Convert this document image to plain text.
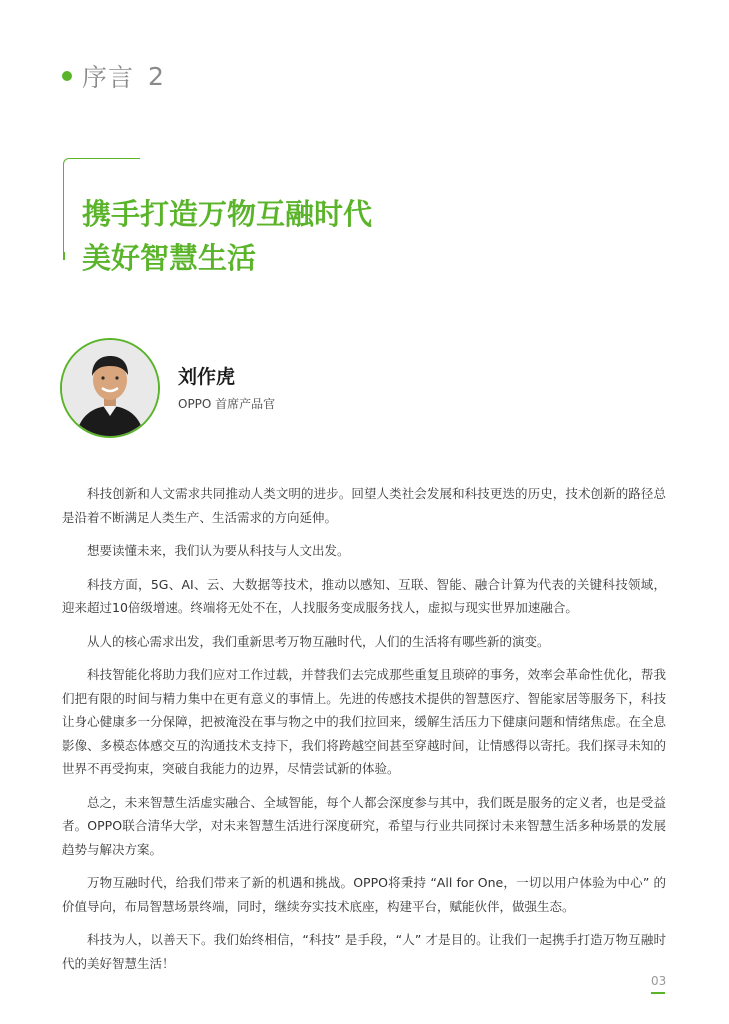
序言 2
携手打造万物互融时代
美好智慧生活
刘作虎
OPPO 首席产品官

科技创新和人文需求共同推动人类文明的进步。回望人类社会发展和科技更迭的历史，技术创新的路径总是沿着不断满足人类生产、生活需求的方向延伸。

想要读懂未来，我们认为要从科技与人文出发。

科技方面，5G、AI、云、大数据等技术，推动以感知、互联、智能、融合计算为代表的关键科技领域，迎来超过10倍级增速。终端将无处不在，人找服务变成服务找人，虚拟与现实世界加速融合。

从人的核心需求出发，我们重新思考万物互融时代，人们的生活将有哪些新的演变。

科技智能化将助力我们应对工作过载，并替我们去完成那些重复且琐碎的事务，效率会革命性优化，帮我们把有限的时间与精力集中在更有意义的事情上。先进的传感技术提供的智慧医疗、智能家居等服务下，科技让身心健康多一分保障，把被淹没在事与物之中的我们拉回来，缓解生活压力下健康问题和情绪焦虑。在全息影像、多模态体感交互的沟通技术支持下，我们将跨越空间甚至穿越时间，让情感得以寄托。我们探寻未知的世界不再受拘束，突破自我能力的边界，尽情尝试新的体验。

总之，未来智慧生活虚实融合、全域智能，每个人都会深度参与其中，我们既是服务的定义者，也是受益者。OPPO联合清华大学，对未来智慧生活进行深度研究，希望与行业共同探讨未来智慧生活多种场景的发展趋势与解决方案。

万物互融时代，给我们带来了新的机遇和挑战。OPPO将秉持 “All for One，一切以用户体验为中心” 的价值导向，布局智慧场景终端，同时，继续夯实技术底座，构建平台，赋能伙伴，做强生态。

科技为人，以善天下。我们始终相信，“科技” 是手段，“人” 才是目的。让我们一起携手打造万物互融时代的美好智慧生活！

03
